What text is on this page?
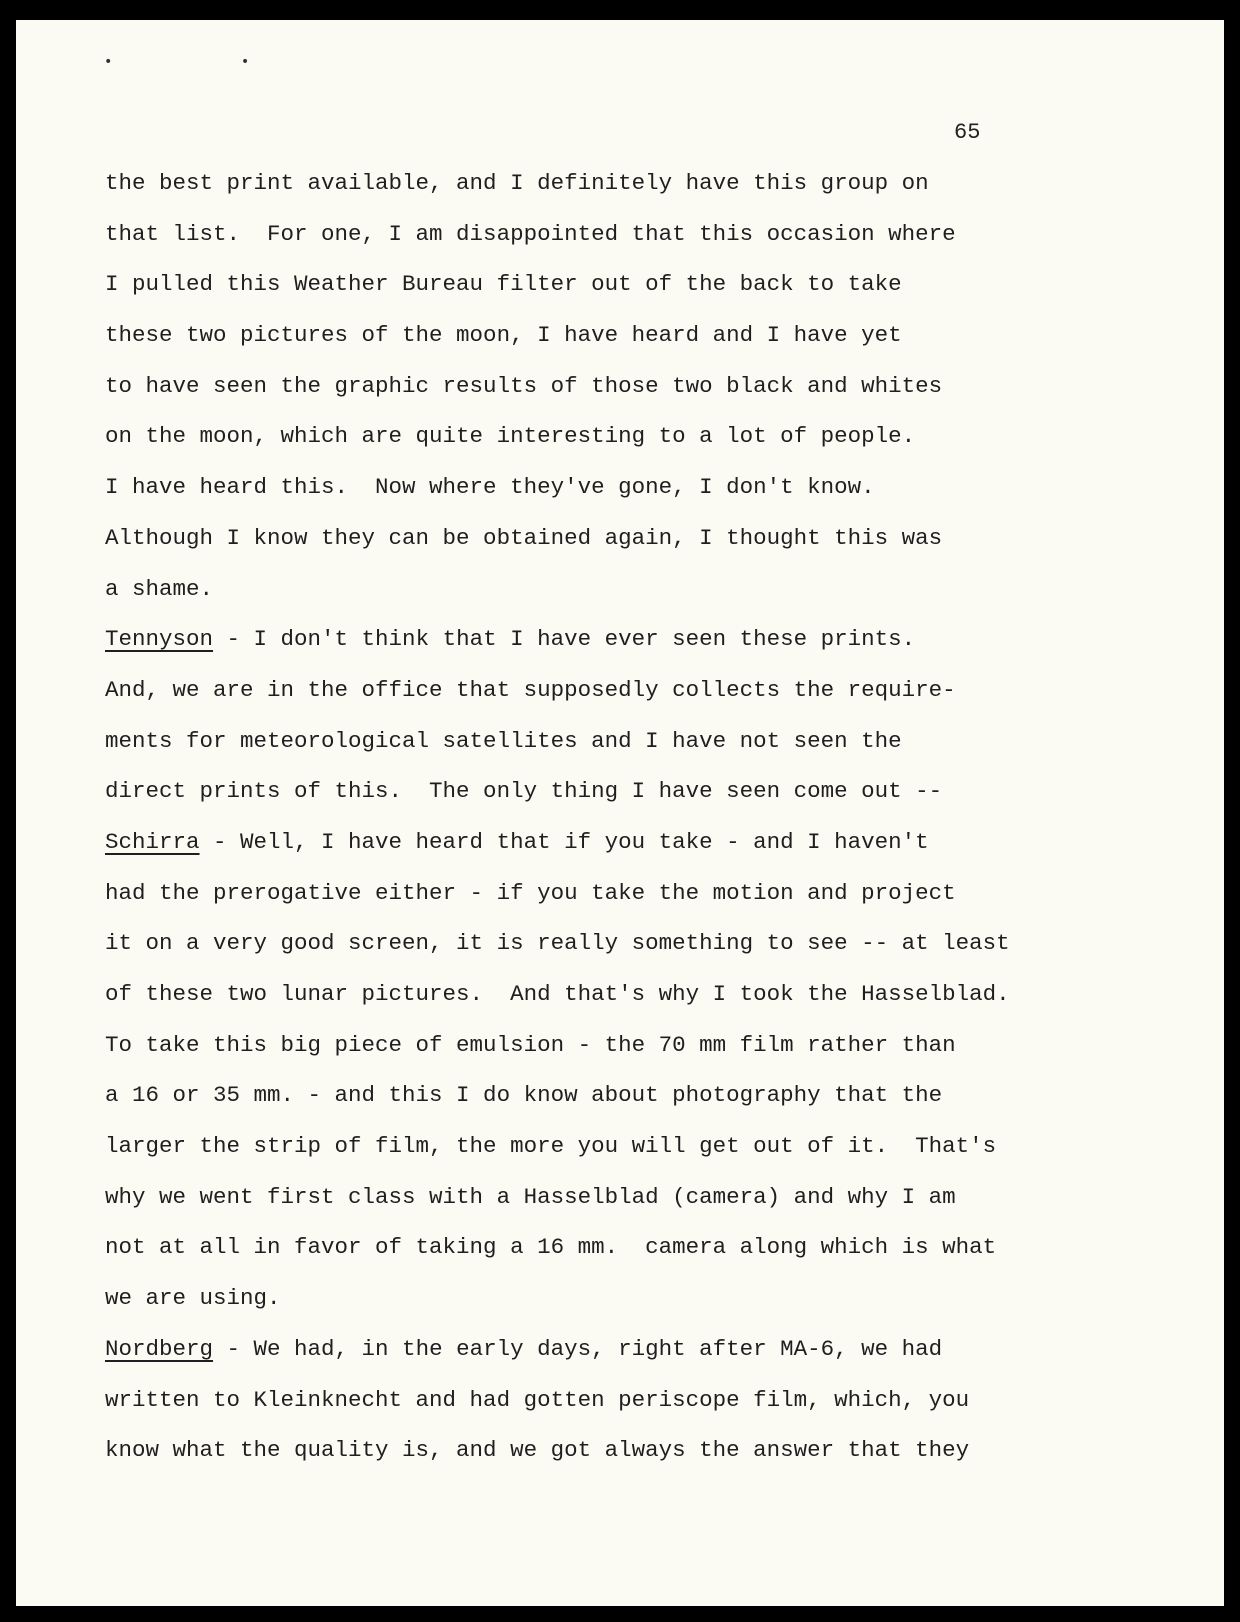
• •
65
the best print available, and I definitely have this group on
that list.  For one, I am disappointed that this occasion where
I pulled this Weather Bureau filter out of the back to take
these two pictures of the moon, I have heard and I have yet
to have seen the graphic results of those two black and whites
on the moon, which are quite interesting to a lot of people.
I have heard this.  Now where they've gone, I don't know.
Although I know they can be obtained again, I thought this was
a shame.
Tennyson - I don't think that I have ever seen these prints.
And, we are in the office that supposedly collects the require-
ments for meteorological satellites and I have not seen the
direct prints of this.  The only thing I have seen come out --
Schirra - Well, I have heard that if you take - and I haven't
had the prerogative either - if you take the motion and project
it on a very good screen, it is really something to see -- at least
of these two lunar pictures.  And that's why I took the Hasselblad.
To take this big piece of emulsion - the 70 mm film rather than
a 16 or 35 mm. - and this I do know about photography that the
larger the strip of film, the more you will get out of it.  That's
why we went first class with a Hasselblad (camera) and why I am
not at all in favor of taking a 16 mm.  camera along which is what
we are using.
Nordberg - We had, in the early days, right after MA-6, we had
written to Kleinknecht and had gotten periscope film, which, you
know what the quality is, and we got always the answer that they
